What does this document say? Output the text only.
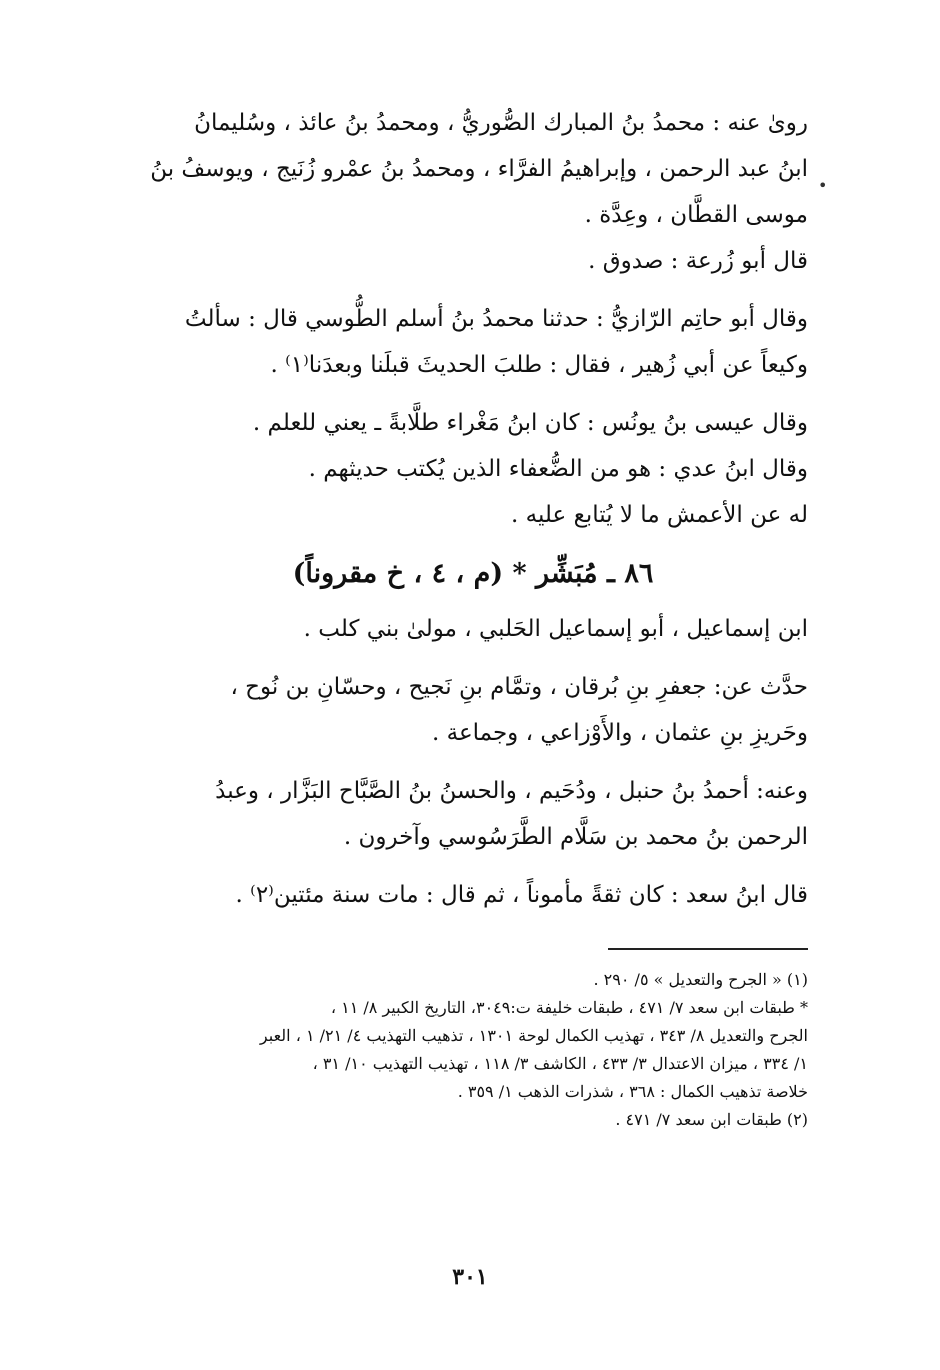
•
رویٰ عنه : محمدُ بنُ المبارك الصُّوريُّ ، ومحمدُ بنُ عائذ ، وسُليمانُ
ابنُ عبد الرحمن ، وإبراهيمُ الفرَّاء ، ومحمدُ بنُ عمْرو زُنَيج ، ويوسفُ بنُ
موسى القطَّان ، وعِدَّة .
قال أبو زُرعة : صدوق .
وقال أبو حاتِم الرّازيُّ : حدثنا محمدُ بنُ أسلم الطُّوسي قال : سألتُ
وكيعاً عن أبي زُهير ، فقال : طلبَ الحديثَ قبلَنا وبعدَنا⁽١⁾ .
وقال عيسى بنُ يونُس : كان ابنُ مَغْراء طلَّابةً ـ يعني للعلم .
وقال ابنُ عدي : هو من الضُّعفاء الذين يُكتب حديثهم .
له عن الأعمش ما لا يُتابع عليه .
٨٦ ـ مُبَشِّر * (م ، ٤ ، خ مقروناً)
ابن إسماعيل ، أبو إسماعيل الحَلبي ، مولىٰ بني كلب .
حدَّث عن: جعفرِ بنِ بُرقان ، وتمَّام بنِ نَجيح ، وحسّانِ بن نُوح ،
وحَريزِ بنِ عثمان ، والأَوْزاعي ، وجماعة .
وعنه: أحمدُ بنُ حنبل ، ودُحَيم ، والحسنُ بنُ الصَّبَّاح البَزَّار ، وعبدُ
الرحمن بنُ محمد بن سَلَّام الطَّرَسُوسي وآخرون .
قال ابنُ سعد : كان ثقةً مأموناً ، ثم قال : مات سنة مئتين⁽٢⁾ .
(١) « الجرح والتعديل » ٥/ ٢٩٠ .
* طبقات ابن سعد ٧/ ٤٧١ ، طبقات خليفة ت:٣٠٤٩، التاريخ الكبير ٨/ ١١ ،
الجرح والتعديل ٨/ ٣٤٣ ، تهذيب الكمال لوحة ١٣٠١ ، تذهيب التهذيب ٤/ ٢١/ ١ ، العبر
١/ ٣٣٤ ، ميزان الاعتدال ٣/ ٤٣٣ ، الكاشف ٣/ ١١٨ ، تهذيب التهذيب ١٠/ ٣١ ،
خلاصة تذهيب الكمال : ٣٦٨ ، شذرات الذهب ١/ ٣٥٩ .
(٢) طبقات ابن سعد ٧/ ٤٧١ .
٣٠١
